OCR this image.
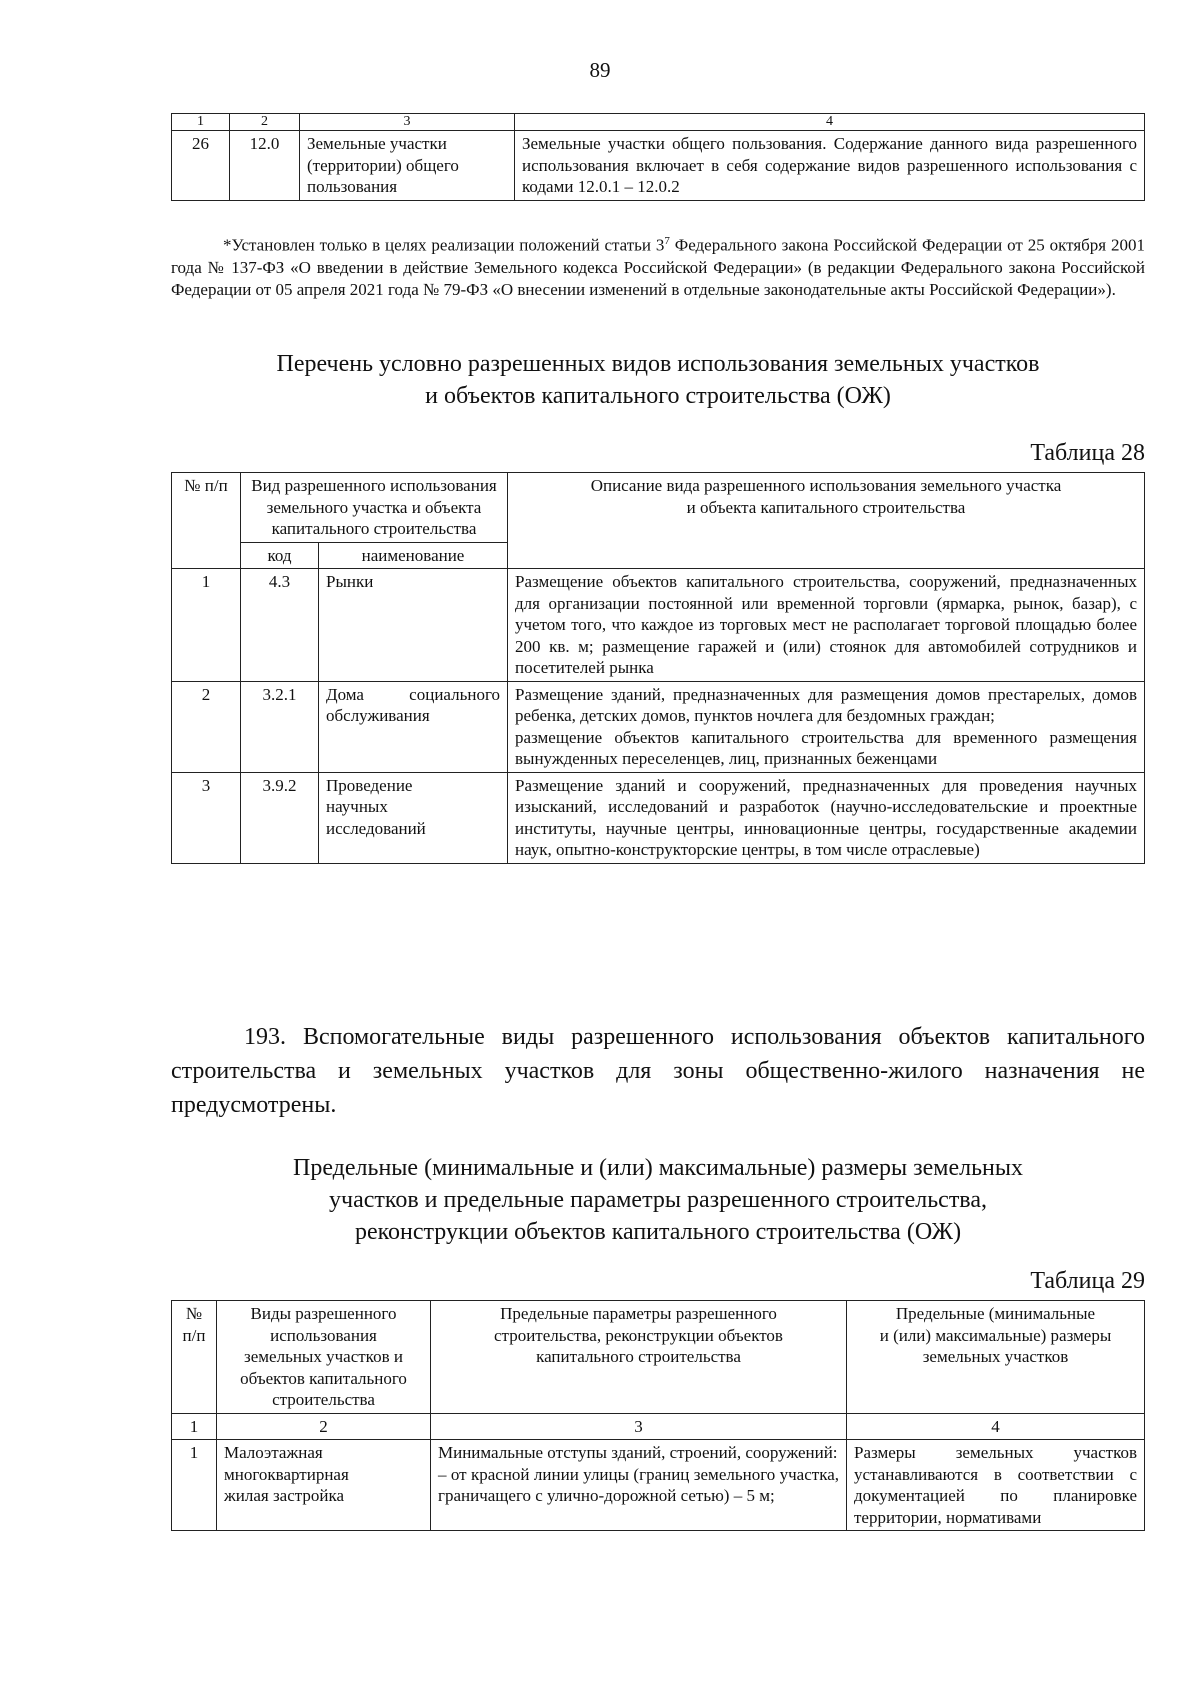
89
1	2	3	4
26	12.0	Земельные участки (территории) общего пользования	Земельные участки общего пользования. Содержание данного вида разрешенного использования включает в себя содержание видов разрешенного использования с кодами 12.0.1 – 12.0.2

*Установлен только в целях реализации положений статьи $3^7$ Федерального закона Российской Федерации от 25 октября 2001 года № 137-ФЗ «О введении в действие Земельного кодекса Российской Федерации» (в редакции Федерального закона Российской Федерации от 05 апреля 2021 года № 79-ФЗ «О внесении изменений в отдельные законодательные акты Российской Федерации»).

Перечень условно разрешенных видов использования земельных участков
и объектов капитального строительства (ОЖ)
Таблица 28
№ п/п	Вид разрешенного использования земельного участка и объекта капитального строительства		Описание вида разрешенного использования земельного участка
и объекта капитального строительства

	код	наименование	
1	4.3	Рынки	Размещение объектов капитального строительства, сооружений, предназначенных для организации постоянной или временной торговли (ярмарка, рынок, базар), с учетом того, что каждое из торговых мест не располагает торговой площадью более 200 кв. м; размещение гаражей и (или) стоянок для автомобилей сотрудников и посетителей рынка
2	3.2.1	Дома социального обслуживания	Размещение зданий, предназначенных для размещения домов престарелых, домов ребенка, детских домов, пунктов ночлега для бездомных граждан;
размещение объектов капитального строительства для временного размещения вынужденных переселенцев, лиц, признанных беженцами

3	3.9.2	Проведение научных исследований	Размещение зданий и сооружений, предназначенных для проведения научных изысканий, исследований и разработок (научно-исследовательские и проектные институты, научные центры, инновационные центры, государственные академии наук, опытно-конструкторские центры, в том числе отраслевые)

193. Вспомогательные виды разрешенного использования объектов капитального строительства и земельных участков для зоны общественно-жилого назначения не предусмотрены.

Предельные (минимальные и (или) максимальные) размеры земельных
участков и предельные параметры разрешенного строительства,
реконструкции объектов капитального строительства (ОЖ)
Таблица 29
№ п/п	Виды разрешенного использования земельных участков и объектов капитального строительства	Предельные параметры разрешенного строительства, реконструкции объектов капитального строительства	Предельные (минимальные
и (или) максимальные) размеры земельных участков

1	2	3	4
1	Малоэтажная многоквартирная жилая застройка	Минимальные отступы зданий, строений, сооружений:
– от красной линии улицы (границ земельного участка, граничащего с улично-дорожной сетью) – 5 м;	Размеры земельных участков устанавливаются в соответствии с документацией по планировке территории, нормативами
